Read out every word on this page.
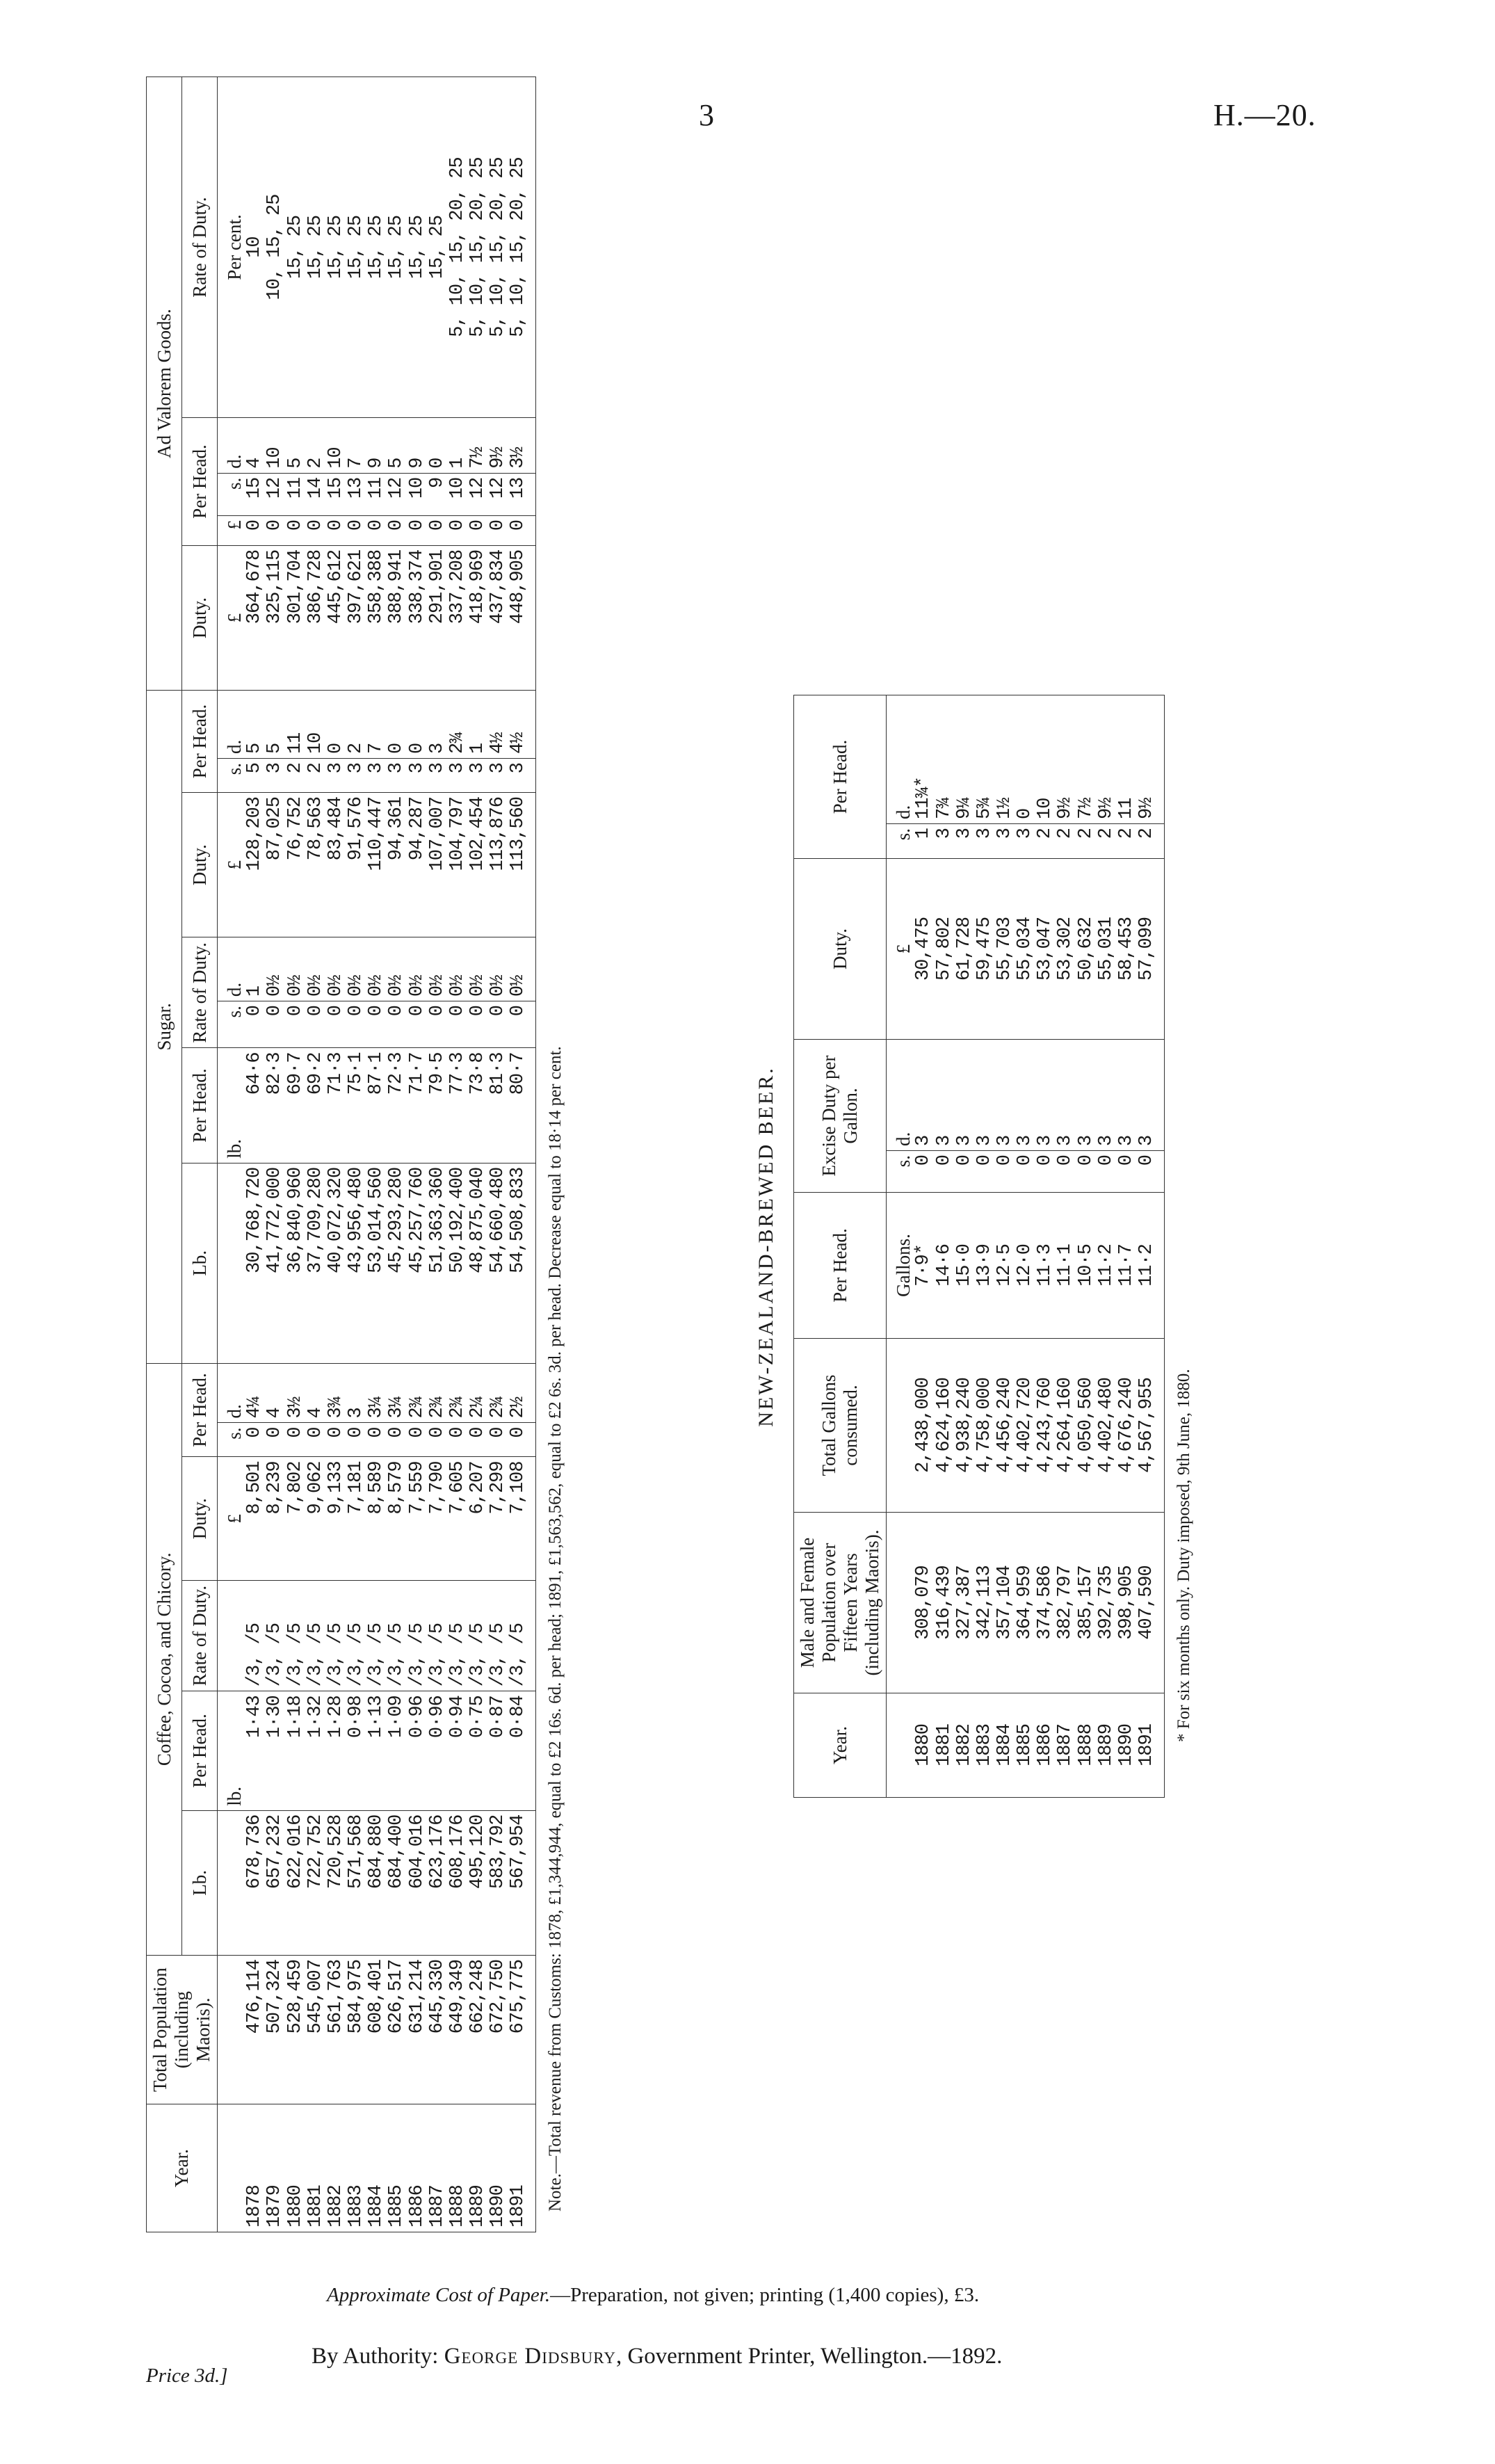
3	H.—20.
Year.	Total Population (including Maoris).	Coffee, Cocoa, and Chicory.						Sugar.							Ad Valorem Goods.				
		Lb.	Per Head.	Rate of Duty.	Duty.	Per Head.		Lb.	Per Head.	Rate of Duty.		Duty.	Per Head.		Duty.	Per Head.			Rate of Duty.
			lb.		£	s.	d.		lb.	s.	d.	£	s.	d.	£	£	s.	d.	Per cent.
1878	476,114	678,736	1·43	/3, /5	8,501	0	4¼	30,768,720	64·6	0	1	128,203	5	5	364,678	0	15	4	10
1879	507,324	657,232	1·30	/3, /5	8,239	0	4	41,772,000	82·3	0	0½	87,025	3	5	325,115	0	12	10	10, 15, 25
1880	528,459	622,016	1·18	/3, /5	7,802	0	3½	36,840,960	69·7	0	0½	76,752	2	11	301,704	0	11	5	15, 25
1881	545,007	722,752	1·32	/3, /5	9,062	0	4	37,709,280	69·2	0	0½	78,563	2	10	386,728	0	14	2	15, 25
1882	561,763	720,528	1·28	/3, /5	9,133	0	3¾	40,072,320	71·3	0	0½	83,484	3	0	445,612	0	15	10	15, 25
1883	584,975	571,568	0·98	/3, /5	7,181	0	3	43,956,480	75·1	0	0½	91,576	3	2	397,621	0	13	7	15, 25
1884	608,401	684,880	1·13	/3, /5	8,589	0	3¼	53,014,560	87·1	0	0½	110,447	3	7	358,388	0	11	9	15, 25
1885	626,517	684,400	1·09	/3, /5	8,579	0	3¼	45,293,280	72·3	0	0½	94,361	3	0	388,941	0	12	5	15, 25
1886	631,214	604,016	0·96	/3, /5	7,559	0	2¾	45,257,760	71·7	0	0½	94,287	3	0	338,374	0	10	9	15, 25
1887	645,330	623,176	0·96	/3, /5	7,790	0	2¾	51,363,360	79·5	0	0½	107,007	3	3	291,901	0	9	0	15, 25
1888	649,349	608,176	0·94	/3, /5	7,605	0	2¾	50,192,400	77·3	0	0½	104,797	3	2¾	337,208	0	10	1	5, 10, 15, 20, 25
1889	662,248	495,120	0·75	/3, /5	6,207	0	2¼	48,875,040	73·8	0	0½	102,454	3	1	418,969	0	12	7½	5, 10, 15, 20, 25
1890	672,750	583,792	0·87	/3, /5	7,299	0	2¾	54,660,480	81·3	0	0½	113,876	3	4½	437,834	0	12	9½	5, 10, 15, 20, 25
1891	675,775	567,954	0·84	/3, /5	7,108	0	2½	54,508,833	80·7	0	0½	113,560	3	4½	448,905	0	13	3½	5, 10, 15, 20, 25
Note.—Total revenue from Customs: 1878, £1,344,944, equal to £2 16s. 6d. per head; 1891, £1,563,562, equal to £2 6s. 3d. per head. Decrease equal to 18·14 per cent.	NEW-ZEALAND-BREWED BEER.
Year.	Male and Female Population over Fifteen Years (including Maoris).	Total Gallons consumed.	Per Head.	Excise Duty per Gallon.		Duty.	Per Head.	
			Gallons.	s.	d.	£	s.	d.
1880	308,079	2,438,000	7·9*	0	3	30,475	1	11¾*
1881	316,439	4,624,160	14·6	0	3	57,802	3	7¾
1882	327,387	4,938,240	15·0	0	3	61,728	3	9¼
1883	342,113	4,758,000	13·9	0	3	59,475	3	5¾
1884	357,104	4,456,240	12·5	0	3	55,703	3	1½
1885	364,959	4,402,720	12·0	0	3	55,034	3	0
1886	374,586	4,243,760	11·3	0	3	53,047	2	10
1887	382,797	4,264,160	11·1	0	3	53,302	2	9½
1888	385,157	4,050,560	10·5	0	3	50,632	2	7½
1889	392,735	4,402,480	11·2	0	3	55,031	2	9½
1890	398,905	4,676,240	11·7	0	3	58,453	2	11
1891	407,590	4,567,955	11·2	0	3	57,099	2	9½
* For six months only. Duty imposed, 9th June, 1880.
Approximate Cost of Paper.—Preparation, not given; printing (1,400 copies), £3.
By Authority: George Didsbury, Government Printer, Wellington.—1892.
Price 3d.]
